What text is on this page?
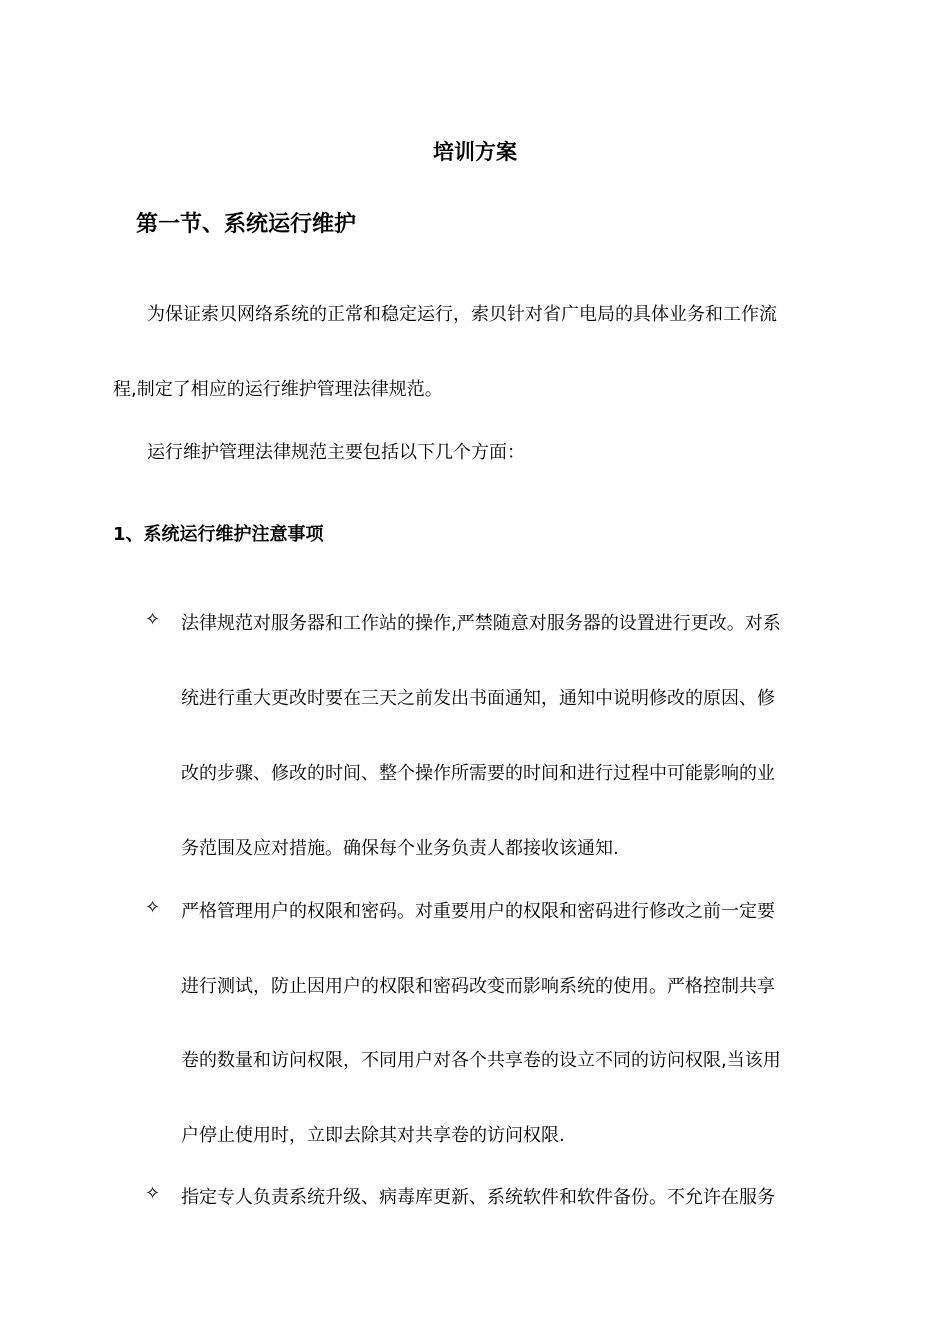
培训方案
第一节、系统运行维护

为保证索贝网络系统的正常和稳定运行，索贝针对省广电局的具体业务和工作流

程,制定了相应的运行维护管理法律规范。

运行维护管理法律规范主要包括以下几个方面：

1、系统运行维护注意事项
✧ 法律规范对服务器和工作站的操作,严禁随意对服务器的设置进行更改。对系
统进行重大更改时要在三天之前发出书面通知，通知中说明修改的原因、修
改的步骤、修改的时间、整个操作所需要的时间和进行过程中可能影响的业
务范围及应对措施。确保每个业务负责人都接收该通知.
✧ 严格管理用户的权限和密码。对重要用户的权限和密码进行修改之前一定要
进行测试，防止因用户的权限和密码改变而影响系统的使用。严格控制共享
卷的数量和访问权限，不同用户对各个共享卷的设立不同的访问权限,当该用
户停止使用时，立即去除其对共享卷的访问权限.
✧ 指定专人负责系统升级、病毒库更新、系统软件和软件备份。不允许在服务
